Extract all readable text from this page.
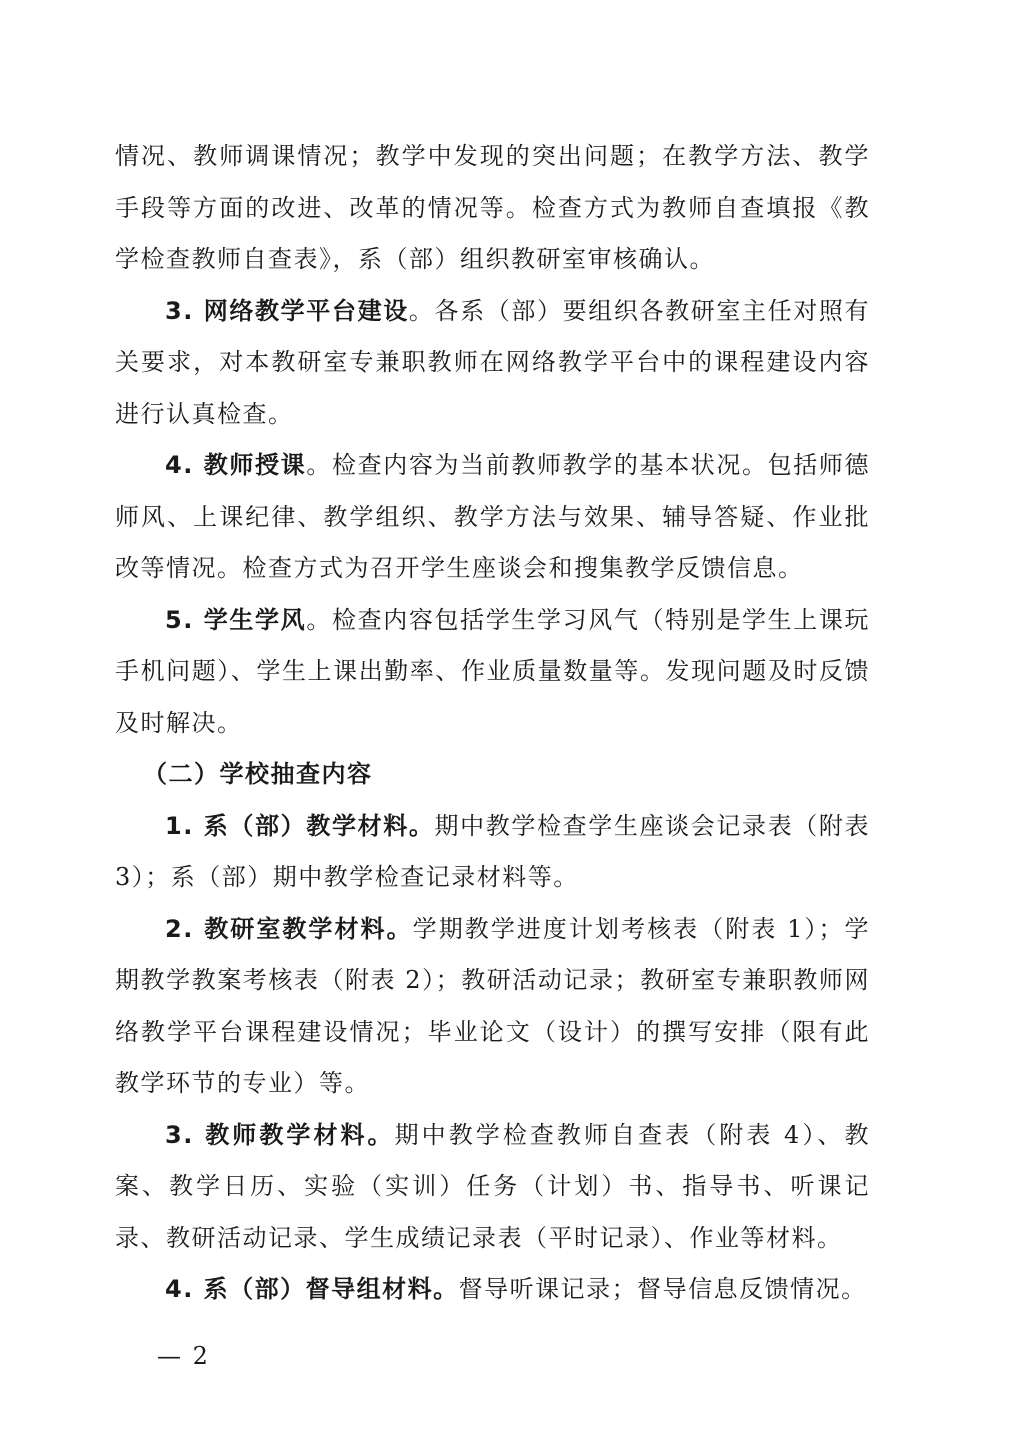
情况、教师调课情况；教学中发现的突出问题；在教学方法、教学手段等方面的改进、改革的情况等。检查方式为教师自查填报《教学检查教师自查表》，系（部）组织教研室审核确认。

3. 网络教学平台建设。各系（部）要组织各教研室主任对照有关要求，对本教研室专兼职教师在网络教学平台中的课程建设内容进行认真检查。

4. 教师授课。检查内容为当前教师教学的基本状况。包括师德师风、上课纪律、教学组织、教学方法与效果、辅导答疑、作业批改等情况。检查方式为召开学生座谈会和搜集教学反馈信息。

5. 学生学风。检查内容包括学生学习风气（特别是学生上课玩手机问题）、学生上课出勤率、作业质量数量等。发现问题及时反馈及时解决。

（二）学校抽查内容

1. 系（部）教学材料。期中教学检查学生座谈会记录表（附表 3）；系（部）期中教学检查记录材料等。

2. 教研室教学材料。学期教学进度计划考核表（附表 1）；学期教学教案考核表（附表 2）；教研活动记录；教研室专兼职教师网络教学平台课程建设情况；毕业论文（设计）的撰写安排（限有此教学环节的专业）等。

3. 教师教学材料。期中教学检查教师自查表（附表 4）、教案、教学日历、实验（实训）任务（计划）书、指导书、听课记录、教研活动记录、学生成绩记录表（平时记录）、作业等材料。

4. 系（部）督导组材料。督导听课记录；督导信息反馈情况。

— 2
